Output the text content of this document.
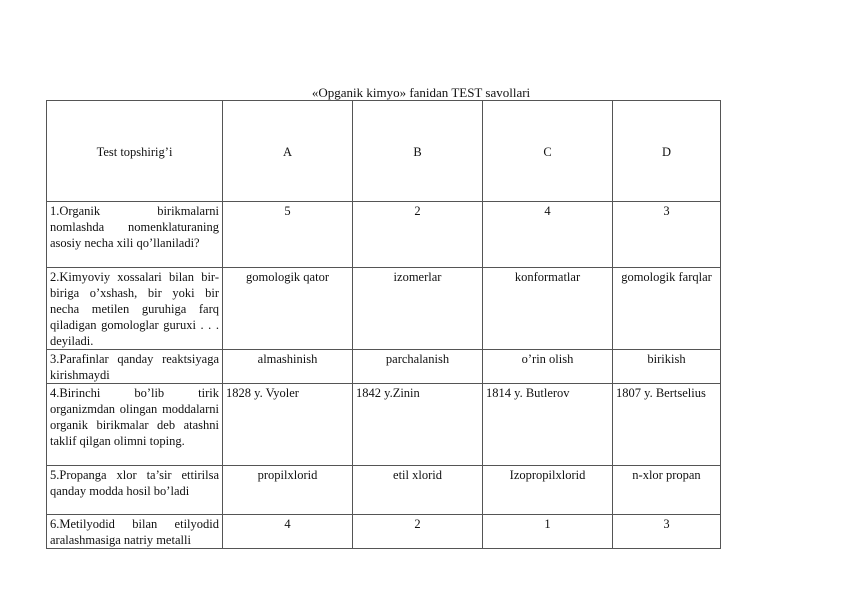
«Opganik kimyo» fanidan TEST savollari
Test topshirig’i	A	B	C	D
1.Organik birikmalarni nomlashda nomenklaturaning asosiy necha xili qo’llaniladi?	5	2	4	3
2.Kimyoviy xossalari bilan bir-biriga o’xshash, bir yoki bir necha metilen guruhiga farq qiladigan gomologlar guruxi . . . deyiladi.	gomologik qator	izomerlar	konformatlar	gomologik farqlar
3.Parafinlar qanday reaktsiyaga kirishmaydi	almashinish	parchalanish	o’rin olish	birikish
4.Birinchi bo’lib tirik organizmdan olingan moddalarni organik birikmalar deb atashni taklif qilgan olimni toping.	1828 y. Vyoler	1842 y.Zinin	1814 y. Butlerov	1807 y. Bertselius
5.Propanga xlor ta’sir ettirilsa qanday modda hosil bo’ladi	propilxlorid	etil xlorid	Izopropilxlorid	n-xlor propan
6.Metilyodid bilan etilyodid aralashmasiga natriy metalli	4	2	1	3
